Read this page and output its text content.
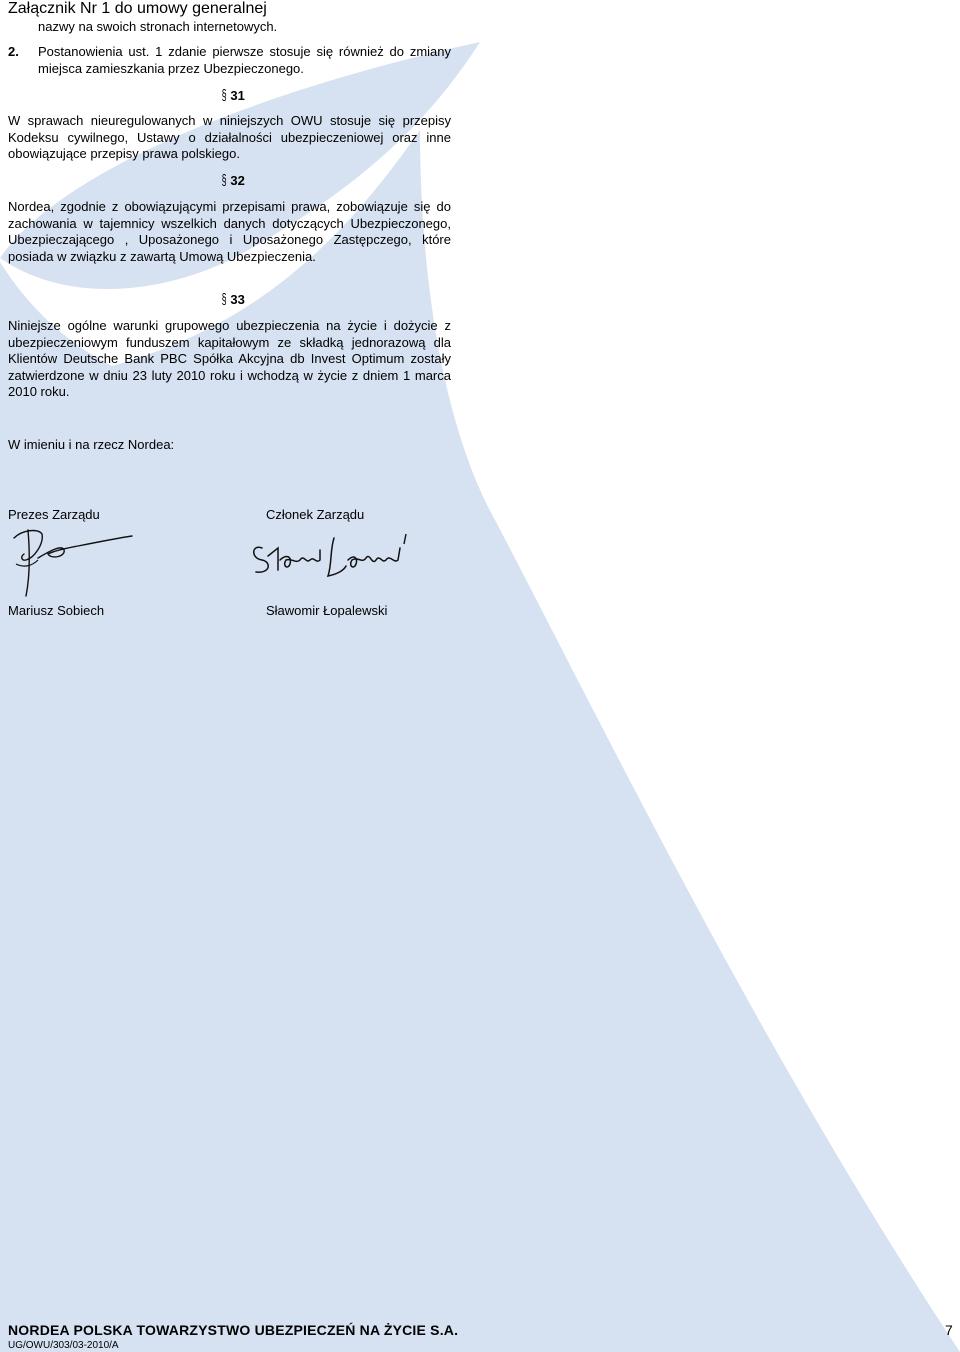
Załącznik Nr 1 do umowy generalnej
nazwy na swoich stronach internetowych.
2. Postanowienia ust. 1 zdanie pierwsze stosuje się również do zmiany miejsca zamieszkania przez Ubezpieczonego.
§ 31
W sprawach nieuregulowanych w niniejszych OWU stosuje się przepisy Kodeksu cywilnego, Ustawy o działalności ubezpieczeniowej oraz inne obowiązujące przepisy prawa polskiego.
§ 32
Nordea, zgodnie z obowiązującymi przepisami prawa, zobowiązuje się do zachowania w tajemnicy wszelkich danych dotyczących Ubezpieczonego, Ubezpieczającego , Uposażonego i Uposażonego Zastępczego, które posiada w związku z zawartą Umową Ubezpieczenia.
§ 33
Niniejsze ogólne warunki grupowego ubezpieczenia na życie i dożycie z ubezpieczeniowym funduszem kapitałowym ze składką jednorazową dla Klientów Deutsche Bank PBC Spółka Akcyjna db Invest Optimum zostały zatwierdzone w dniu 23 luty 2010 roku i wchodzą w życie z dniem 1 marca 2010 roku.
W imieniu i na rzecz Nordea:
Prezes Zarządu	Członek Zarządu
Mariusz Sobiech	Sławomir Łopalewski
NORDEA POLSKA TOWARZYSTWO UBEZPIECZEŃ NA ŻYCIE S.A.	7
UG/OWU/303/03-2010/A
